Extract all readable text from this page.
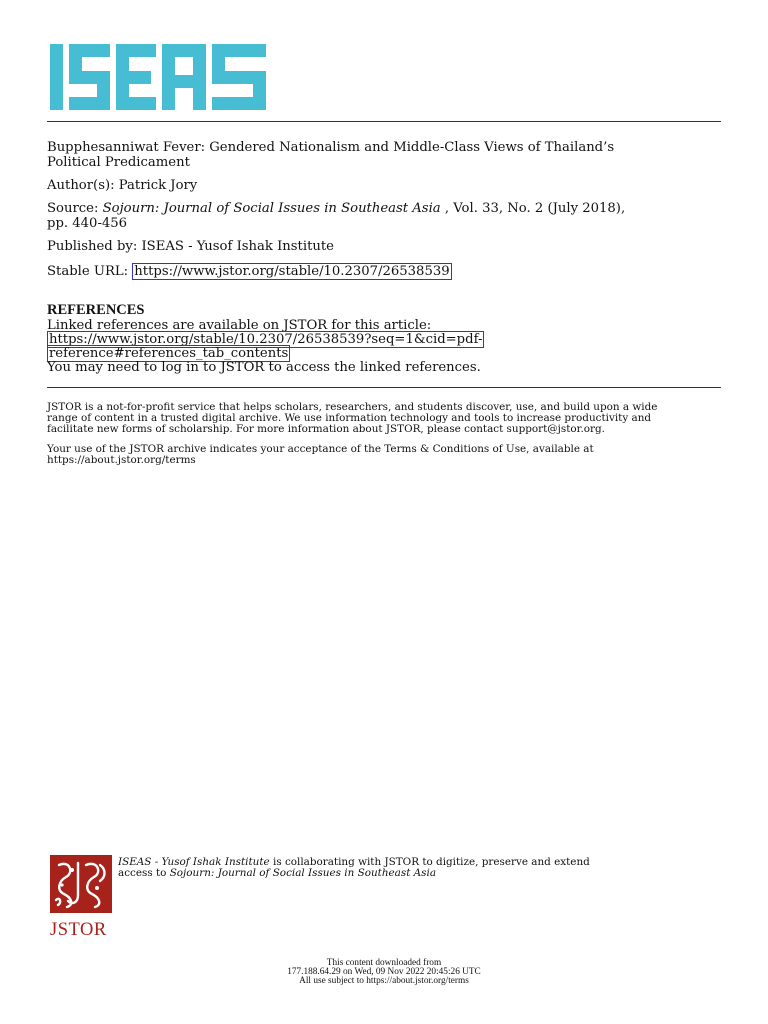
Bupphesanniwat Fever: Gendered Nationalism and Middle-Class Views of Thailand’s
Political Predicament
Author(s): Patrick Jory
Source: Sojourn: Journal of Social Issues in Southeast Asia , Vol. 33, No. 2 (July 2018),
pp. 440-456
Published by: ISEAS - Yusof Ishak Institute
Stable URL: https://www.jstor.org/stable/10.2307/26538539
REFERENCES
Linked references are available on JSTOR for this article:
https://www.jstor.org/stable/10.2307/26538539?seq=1&cid=pdf-
reference#references_tab_contents
You may need to log in to JSTOR to access the linked references.
JSTOR is a not-for-profit service that helps scholars, researchers, and students discover, use, and build upon a wide
range of content in a trusted digital archive. We use information technology and tools to increase productivity and
facilitate new forms of scholarship. For more information about JSTOR, please contact support@jstor.org.
Your use of the JSTOR archive indicates your acceptance of the Terms & Conditions of Use, available at
https://about.jstor.org/terms
JSTOR
ISEAS - Yusof Ishak Institute is collaborating with JSTOR to digitize, preserve and extend
access to Sojourn: Journal of Social Issues in Southeast Asia
This content downloaded from
177.188.64.29 on Wed, 09 Nov 2022 20:45:26 UTC
All use subject to https://about.jstor.org/terms
